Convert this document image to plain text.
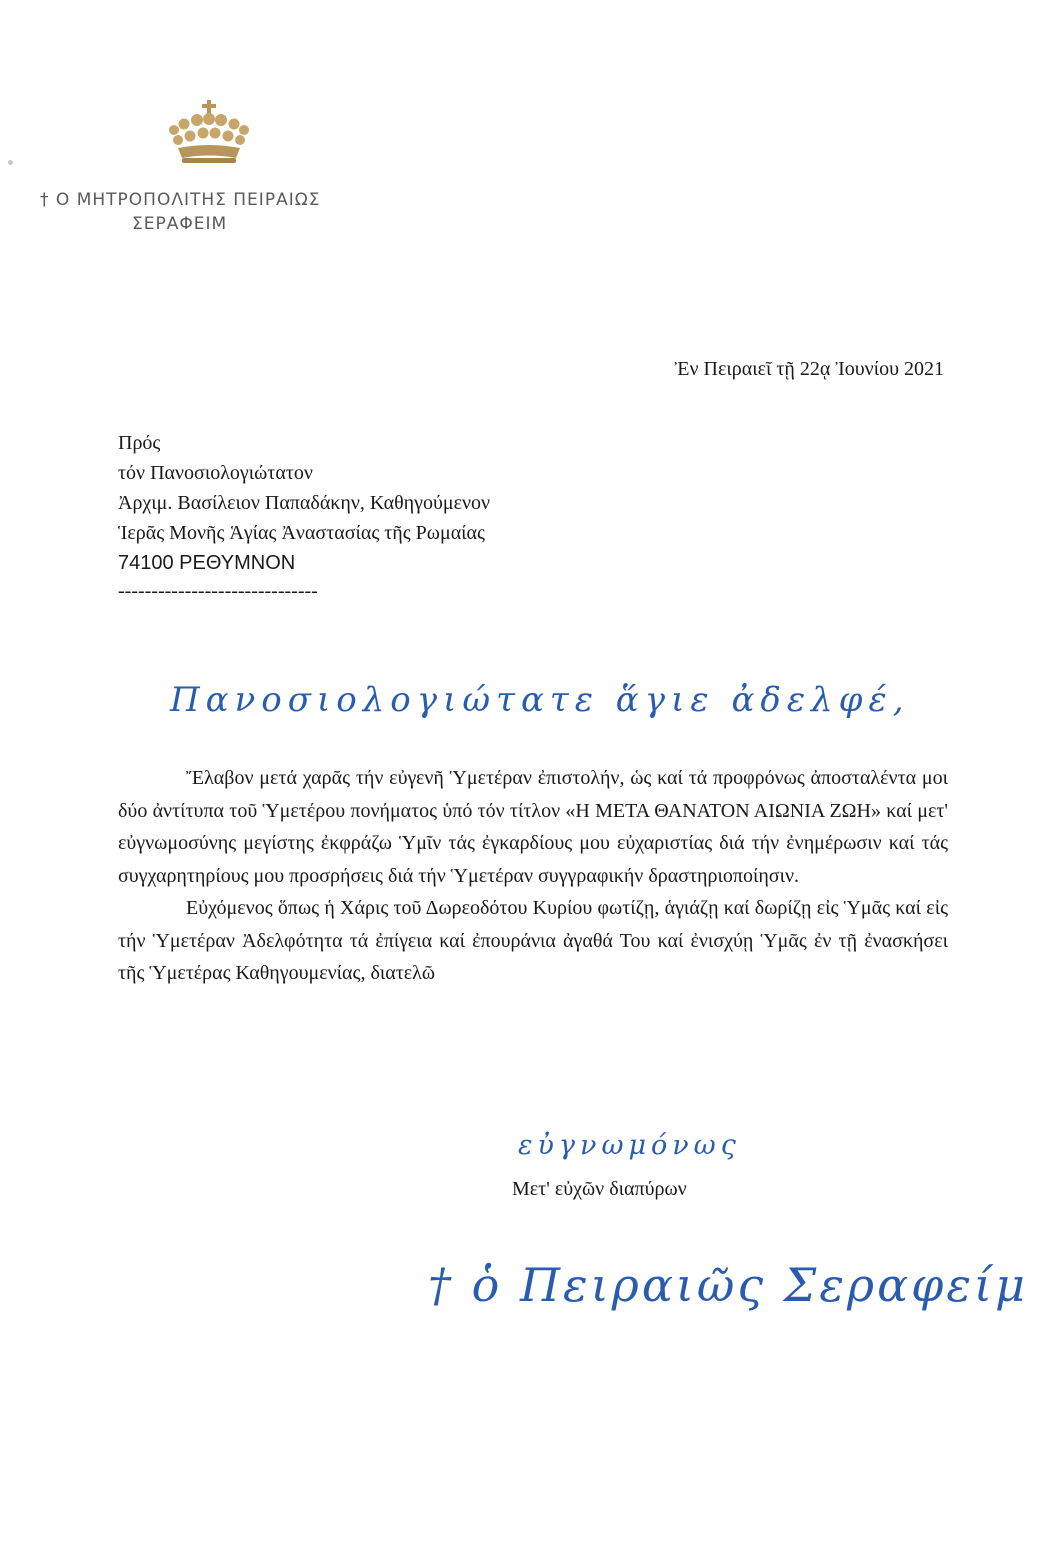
† Ο ΜΗΤΡΟΠΟΛΙΤΗΣ ΠΕΙΡΑΙΩΣ
ΣΕΡΑΦΕΙΜ
Ἐν Πειραιεῖ τῇ 22ᾳ Ἰουνίου 2021
Πρός
τόν Πανοσιολογιώτατον
Ἀρχιμ. Βασίλειον Παπαδάκην, Καθηγούμενον
Ἱερᾶς Μονῆς Ἁγίας Ἀναστασίας τῆς Ρωμαίας
74100 ΡΕΘΥΜΝΟΝ
------------------------------
Πανοσιολογιώτατε ἅγιε ἀδελφέ,

Ἔλαβον μετά χαρᾶς τήν εὐγενῆ Ὑμετέραν ἐπιστολήν, ὡς καί τά προφρόνως ἀποσταλέντα μοι δύο ἀντίτυπα τοῦ Ὑμετέρου πονήματος ὑπό τόν τίτλον «Η ΜΕΤΑ ΘΑΝΑΤΟΝ ΑΙΩΝΙΑ ΖΩΗ» καί μετ' εὐγνωμοσύνης μεγίστης ἐκφράζω Ὑμῖν τάς ἐγκαρδίους μου εὐχαριστίας διά τήν ἐνημέρωσιν καί τάς συγχαρητηρίους μου προσρήσεις διά τήν Ὑμετέραν συγγραφικήν δραστηριοποίησιν.

Εὐχόμενος ὅπως ἡ Χάρις τοῦ Δωρεοδότου Κυρίου φωτίζῃ, ἁγιάζῃ καί δωρίζῃ εἰς Ὑμᾶς καί εἰς τήν Ὑμετέραν Ἀδελφότητα τά ἐπίγεια καί ἐπουράνια ἀγαθά Του καί ἐνισχύῃ Ὑμᾶς ἐν τῇ ἐνασκήσει τῆς Ὑμετέρας Καθηγουμενίας, διατελῶ

εὐγνωμόνως
Μετ' εὐχῶν διαπύρων
† ὁ Πειραιῶς Σεραφείμ
